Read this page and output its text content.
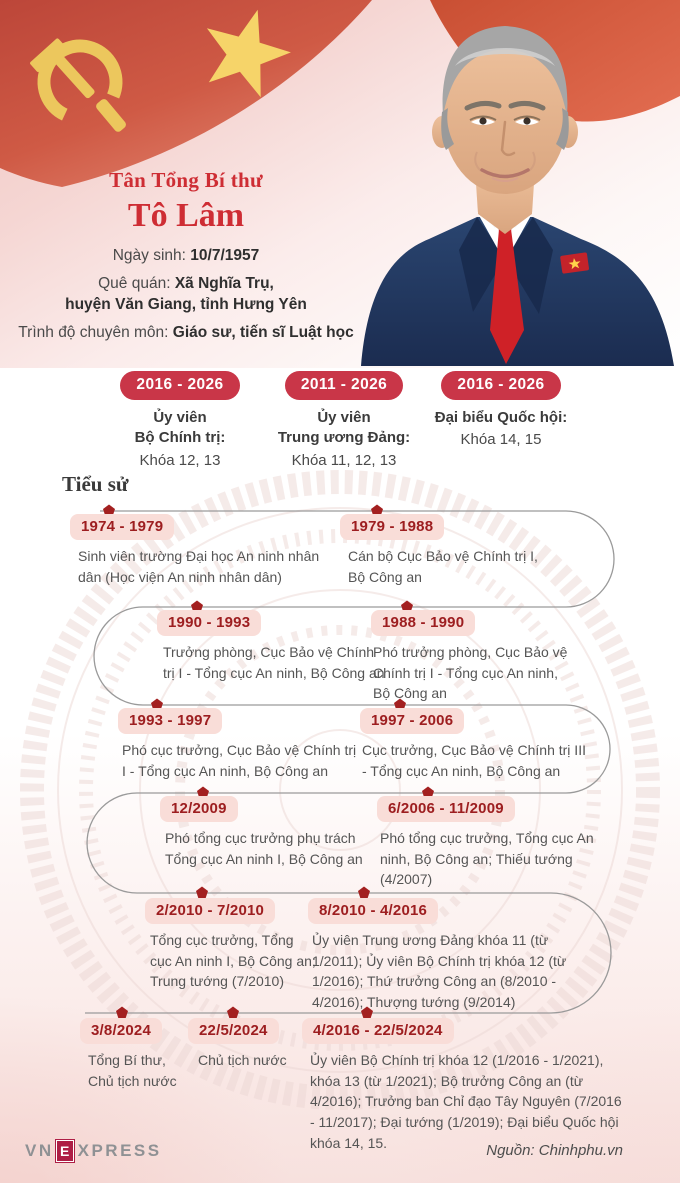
Tân Tổng Bí thư
Tô Lâm
Ngày sinh: 10/7/1957
Quê quán: Xã Nghĩa Trụ,
huyện Văn Giang, tỉnh Hưng Yên
Trình độ chuyên môn: Giáo sư, tiến sĩ Luật học
2016 - 2026
Ủy viên
Bộ Chính trị:
Khóa 12, 13
2011 - 2026
Ủy viên
Trung ương Đảng:
Khóa 11, 12, 13
2016 - 2026
Đại biểu Quốc hội:
Khóa 14, 15
Tiểu sử
1974 - 1979
Sinh viên trường Đại học An ninh nhân dân (Học viện An ninh nhân dân)
1979 - 1988
Cán bộ Cục Bảo vệ Chính trị I, Bộ Công an
1990 - 1993
Trưởng phòng, Cục Bảo vệ Chính trị I - Tổng cục An ninh, Bộ Công an
1988 - 1990
Phó trưởng phòng, Cục Bảo vệ Chính trị I - Tổng cục An ninh, Bộ Công an
1993 - 1997
Phó cục trưởng, Cục Bảo vệ Chính trị I - Tổng cục An ninh, Bộ Công an
1997 - 2006
Cục trưởng, Cục Bảo vệ Chính trị III - Tổng cục An ninh, Bộ Công an
12/2009
Phó tổng cục trưởng phụ trách Tổng cục An ninh I, Bộ Công an
6/2006 - 11/2009
Phó tổng cục trưởng, Tổng cục An ninh, Bộ Công an; Thiếu tướng (4/2007)
2/2010 - 7/2010
Tổng cục trưởng, Tổng cục An ninh I, Bộ Công an; Trung tướng (7/2010)
8/2010 - 4/2016
Ủy viên Trung ương Đảng khóa 11 (từ 1/2011); Ủy viên Bộ Chính trị khóa 12 (từ 1/2016); Thứ trưởng Công an (8/2010 - 4/2016); Thượng tướng (9/2014)
3/8/2024
Tổng Bí thư, Chủ tịch nước
22/5/2024
Chủ tịch nước
4/2016 - 22/5/2024
Ủy viên Bộ Chính trị khóa 12 (1/2016 - 1/2021), khóa 13 (từ 1/2021); Bộ trưởng Công an (từ 4/2016); Trưởng ban Chỉ đạo Tây Nguyên (7/2016 - 11/2017); Đại tướng (1/2019); Đại biểu Quốc hội khóa 14, 15.
VN E XPRESS	Nguồn: Chinhphu.vn
